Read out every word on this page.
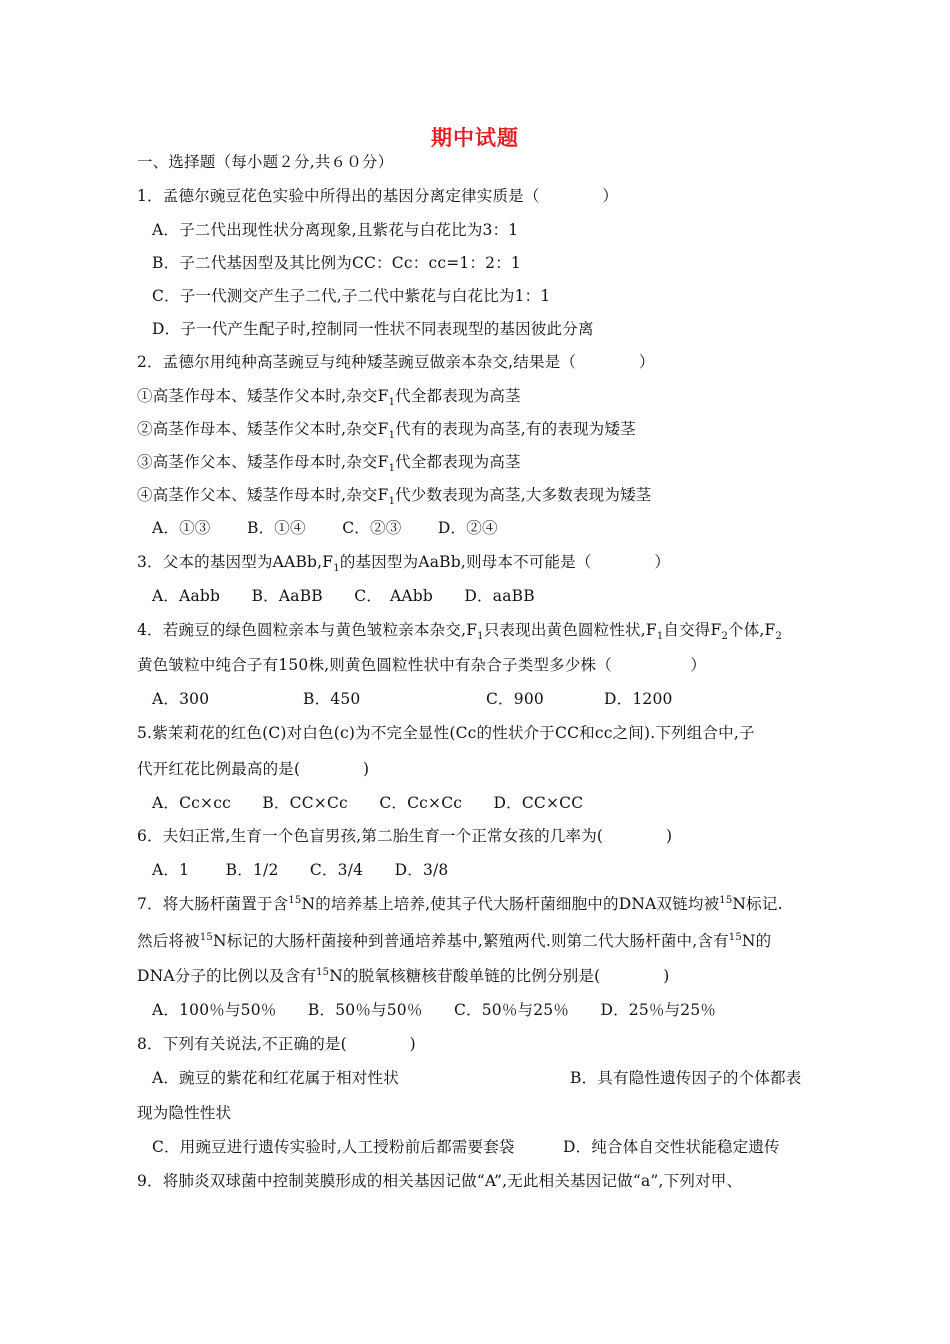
期中试题
一、选择题（每小题２分,共６０分）
1．孟德尔豌豆花色实验中所得出的基因分离定律实质是（　　　　）
A．子二代出现性状分离现象,且紫花与白花比为3：1
B．子二代基因型及其比例为CC：Cc：cc=1：2：1
C．子一代测交产生子二代,子二代中紫花与白花比为1：1
D．子一代产生配子时,控制同一性状不同表现型的基因彼此分离
2．孟德尔用纯种高茎豌豆与纯种矮茎豌豆做亲本杂交,结果是（　　　　）
①高茎作母本、矮茎作父本时,杂交$F_1$代全都表现为高茎
②高茎作母本、矮茎作父本时,杂交$F_1$代有的表现为高茎,有的表现为矮茎
③高茎作父本、矮茎作母本时,杂交$F_1$代全都表现为高茎
④高茎作父本、矮茎作母本时,杂交$F_1$代少数表现为高茎,大多数表现为矮茎
A．①③　　 B．①④　　 C．②③　　 D．②④
3．父本的基因型为$AABb,F_1$的基因型为AaBb,则母本不可能是（　　　　）
A．Aabb　　B．AaBB　　C．　AAbb　　D．aaBB
4．若豌豆的绿色圆粒亲本与黄色皱粒亲本杂交$,F_1$只表现出黄色圆粒性状$,F_1$自交得$F_2$个体$,F_2$
黄色皱粒中纯合子有150株,则黄色圆粒性状中有杂合子类型多少株（　　　　　）
A．300	B．450	C．900	D．1200
5.紫茉莉花的红色(C)对白色(c)为不完全显性(Cc的性状介于CC和cc之间).下列组合中,子
代开红花比例最高的是(　　　　)
A．Cc×cc　　B．CC×Cc　　C．Cc×Cc　　D．CC×CC
6．夫妇正常,生育一个色盲男孩,第二胎生育一个正常女孩的几率为(　　　　)
A．1　　 B．1/2　　C．3/4　　D．3/8
7．将大肠杆菌置于含$^{15}$N的培养基上培养,使其子代大肠杆菌细胞中的DNA双链均被$^{15}$N标记.
然后将被$^{15}$N标记的大肠杆菌接种到普通培养基中,繁殖两代.则第二代大肠杆菌中,含有$^{15}$N的
DNA分子的比例以及含有$^{15}$N的脱氧核糖核苷酸单链的比例分别是(　　　　)
A．100％与50％　　B．50％与50％　　C．50％与25％　　D．25％与25％
8．下列有关说法,不正确的是(　　　　)
A．豌豆的紫花和红花属于相对性状	B．具有隐性遗传因子的个体都表
现为隐性性状
C．用豌豆进行遗传实验时,人工授粉前后都需要套袋	D．纯合体自交性状能稳定遗传
9．将肺炎双球菌中控制荚膜形成的相关基因记做“A”,无此相关基因记做“a”,下列对甲、
